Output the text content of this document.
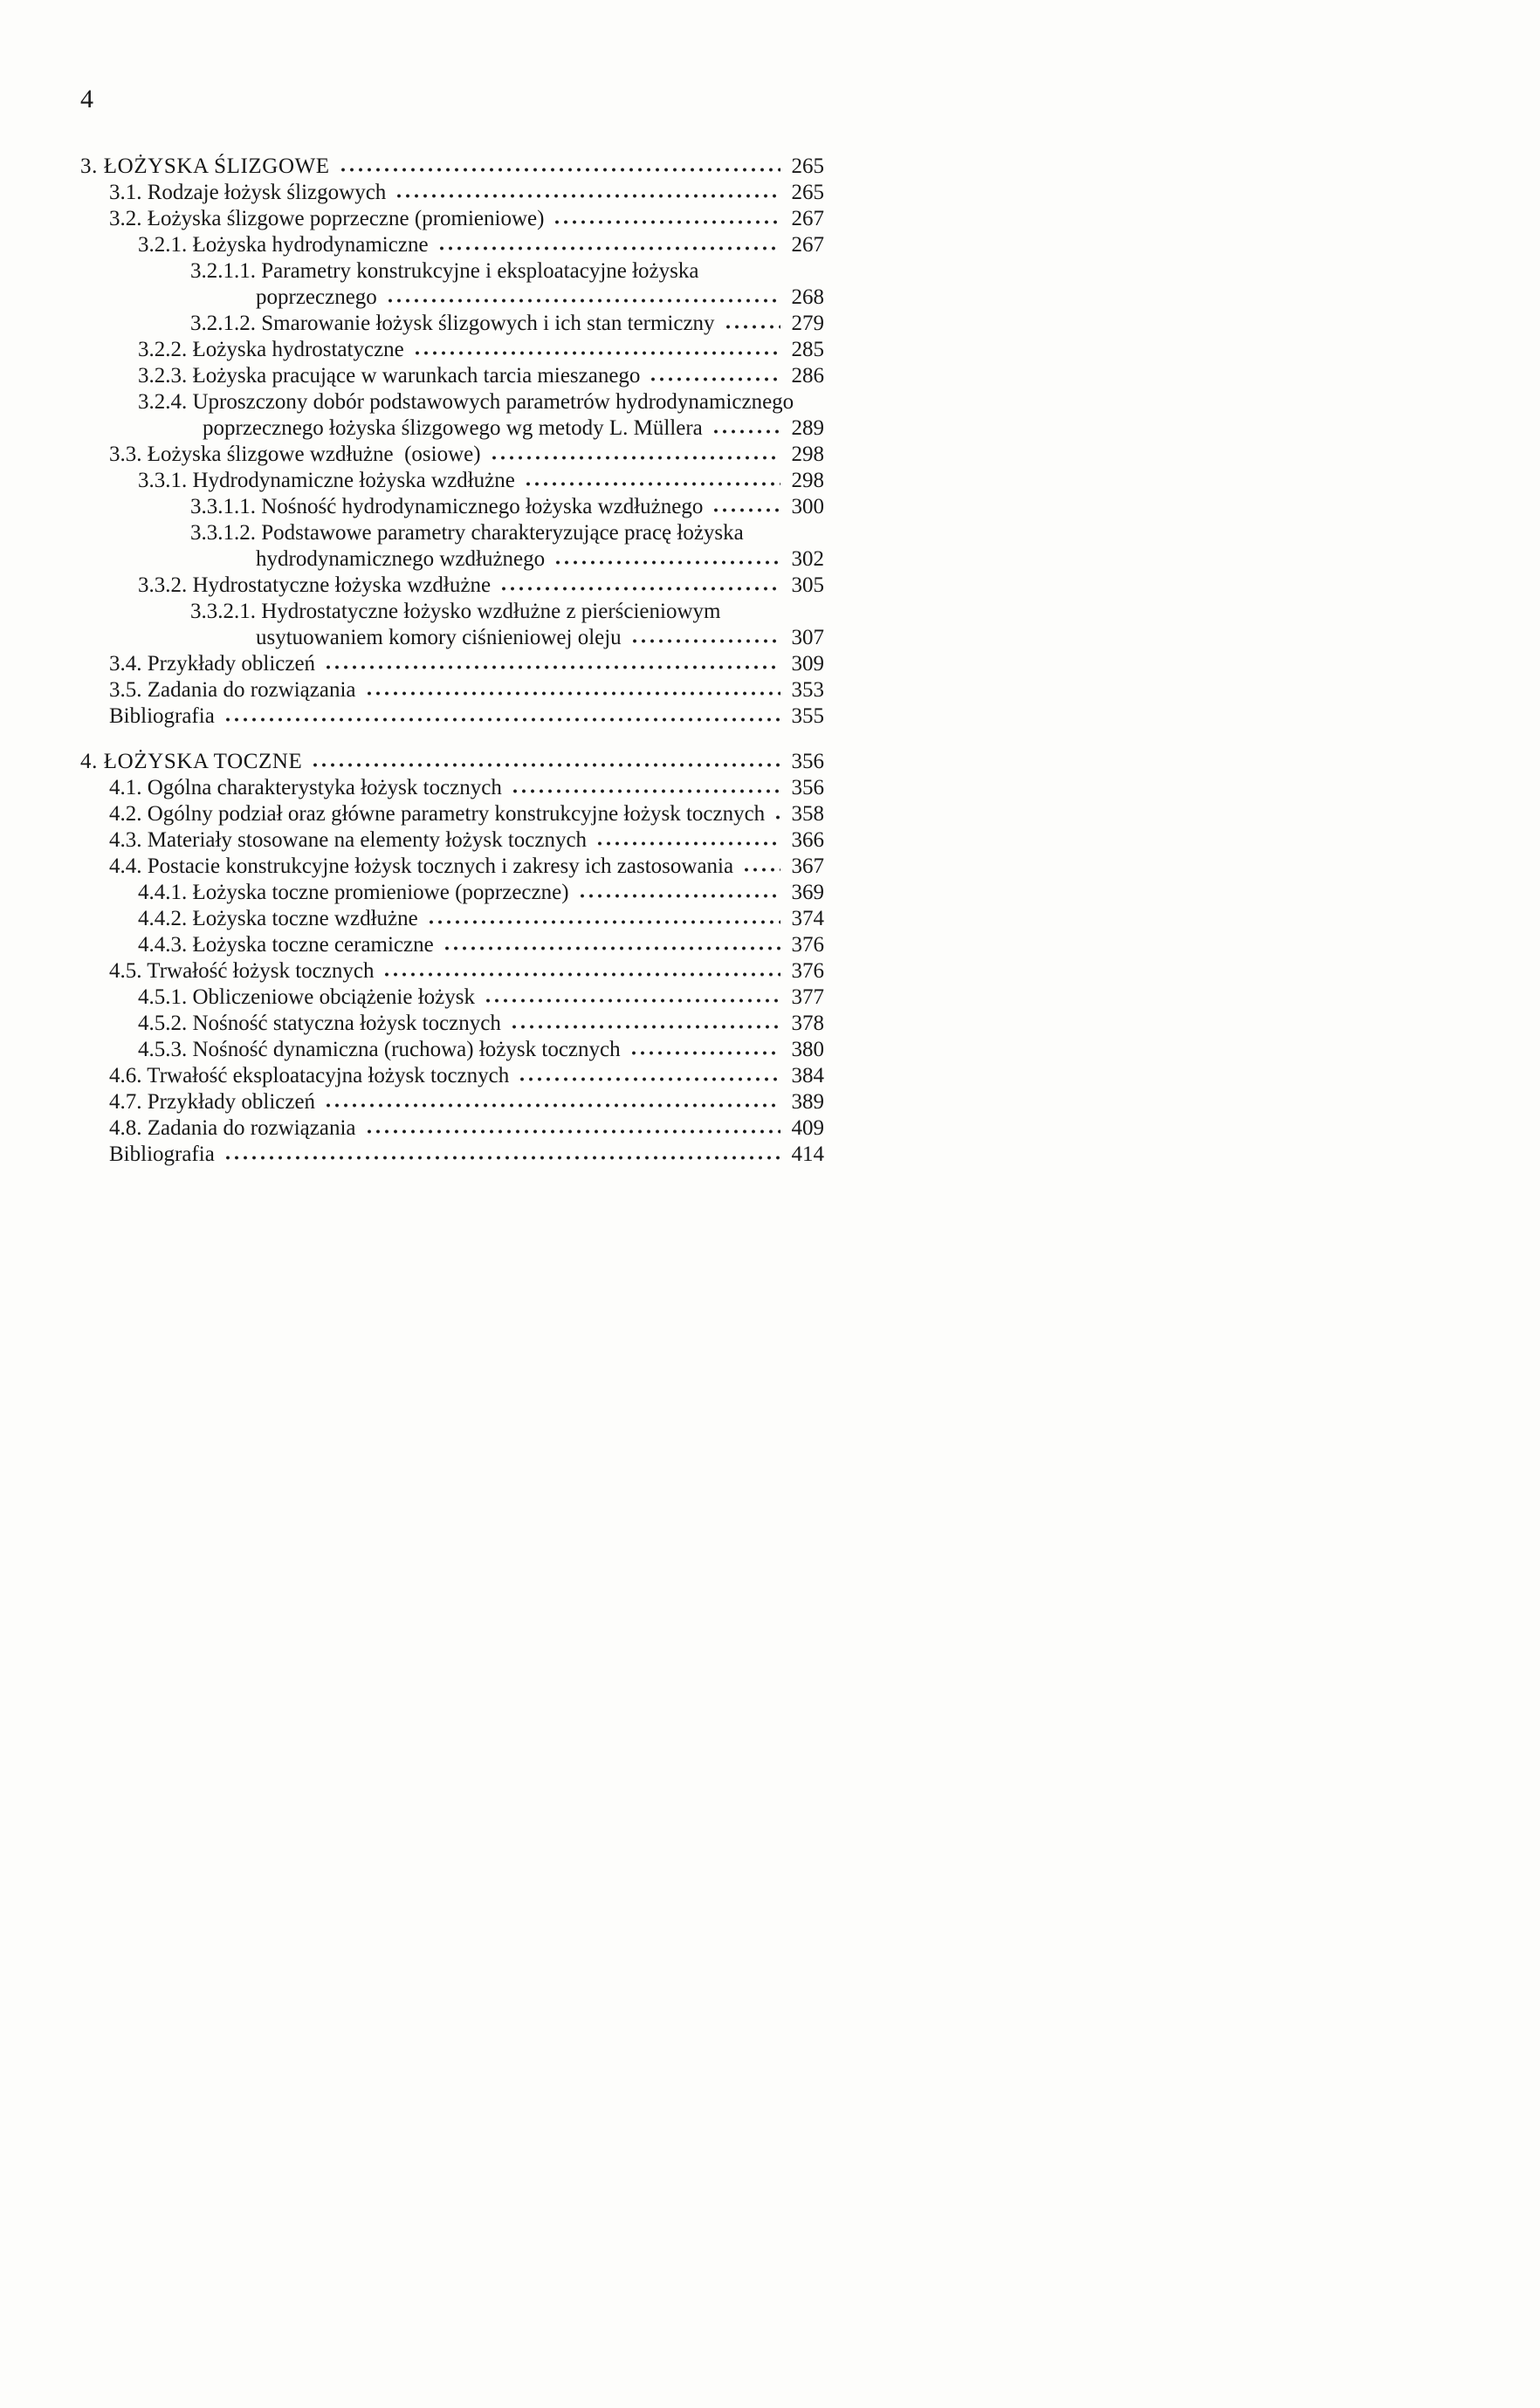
4
3. ŁOŻYSKA ŚLIZGOWE	265
3.1. Rodzaje łożysk ślizgowych	265
3.2. Łożyska ślizgowe poprzeczne (promieniowe)	267
3.2.1. Łożyska hydrodynamiczne	267
3.2.1.1. Parametry konstrukcyjne i eksploatacyjne łożyska
poprzecznego	268
3.2.1.2. Smarowanie łożysk ślizgowych i ich stan termiczny	279
3.2.2. Łożyska hydrostatyczne	285
3.2.3. Łożyska pracujące w warunkach tarcia mieszanego	286
3.2.4. Uproszczony dobór podstawowych parametrów hydrodynamicznego
poprzecznego łożyska ślizgowego wg metody L. Müllera	289
3.3. Łożyska ślizgowe wzdłużne  (osiowe)	298
3.3.1. Hydrodynamiczne łożyska wzdłużne	298
3.3.1.1. Nośność hydrodynamicznego łożyska wzdłużnego	300
3.3.1.2. Podstawowe parametry charakteryzujące pracę łożyska
hydrodynamicznego wzdłużnego	302
3.3.2. Hydrostatyczne łożyska wzdłużne	305
3.3.2.1. Hydrostatyczne łożysko wzdłużne z pierścieniowym
usytuowaniem komory ciśnieniowej oleju	307
3.4. Przykłady obliczeń	309
3.5. Zadania do rozwiązania	353
Bibliografia	355
4. ŁOŻYSKA TOCZNE	356
4.1. Ogólna charakterystyka łożysk tocznych	356
4.2. Ogólny podział oraz główne parametry konstrukcyjne łożysk tocznych 358
4.3. Materiały stosowane na elementy łożysk tocznych	366
4.4. Postacie konstrukcyjne łożysk tocznych i zakresy ich zastosowania	367
4.4.1. Łożyska toczne promieniowe (poprzeczne)	369
4.4.2. Łożyska toczne wzdłużne	374
4.4.3. Łożyska toczne ceramiczne	376
4.5. Trwałość łożysk tocznych	376
4.5.1. Obliczeniowe obciążenie łożysk	377
4.5.2. Nośność statyczna łożysk tocznych	378
4.5.3. Nośność dynamiczna (ruchowa) łożysk tocznych	380
4.6. Trwałość eksploatacyjna łożysk tocznych	384
4.7. Przykłady obliczeń	389
4.8. Zadania do rozwiązania	409
Bibliografia	414
